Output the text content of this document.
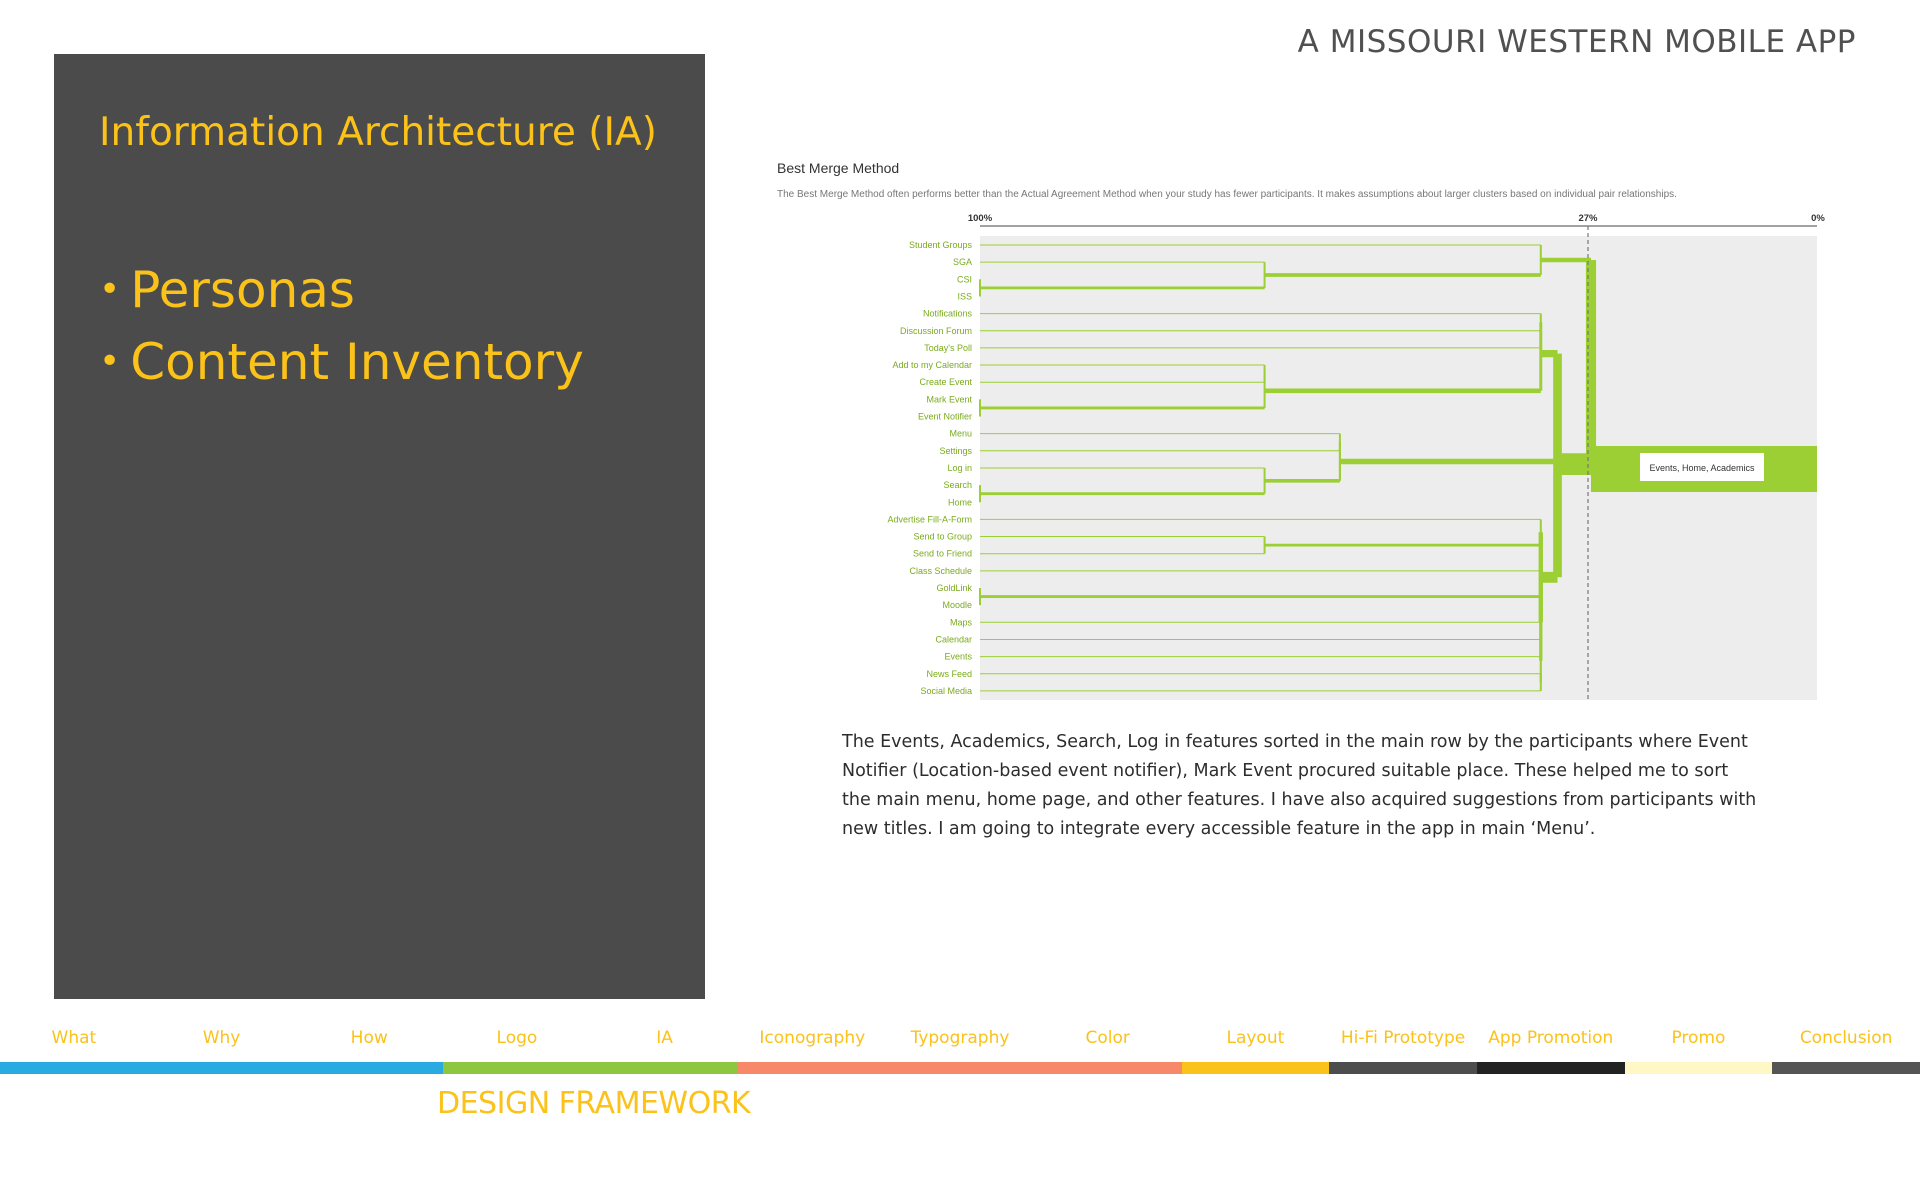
A MISSOURI WESTERN MOBILE APP
Information Architecture (IA)
• Personas
• Content Inventory
Best Merge Method
The Best Merge Method often performs better than the Actual Agreement Method when your study has fewer participants. It makes assumptions about larger clusters based on individual pair relationships.
100%	27%	0%
Student Groups
SGA
CSI
ISS
Notifications
Discussion Forum
Today's Poll
Add to my Calendar
Create Event
Mark Event
Event Notifier
Menu
Settings
Log in
Search
Home
Advertise Fill-A-Form
Send to Group
Send to Friend
Class Schedule
GoldLink
Moodle
Maps
Calendar
Events
News Feed
Social Media
Events, Home, Academics

The Events, Academics, Search, Log in features sorted in the main row by the participants where Event Notifier (Location-based event notifier), Mark Event procured suitable place. These helped me to sort the main menu, home page, and other features. I have also acquired suggestions from participants with new titles. I am going to integrate every accessible feature in the app in main ‘Menu’.

What	Why	How	Logo	IA	Iconography	Typography	Color	Layout	Hi-Fi Prototype	App Promotion	Promo	Conclusion

DESIGN FRAMEWORK
